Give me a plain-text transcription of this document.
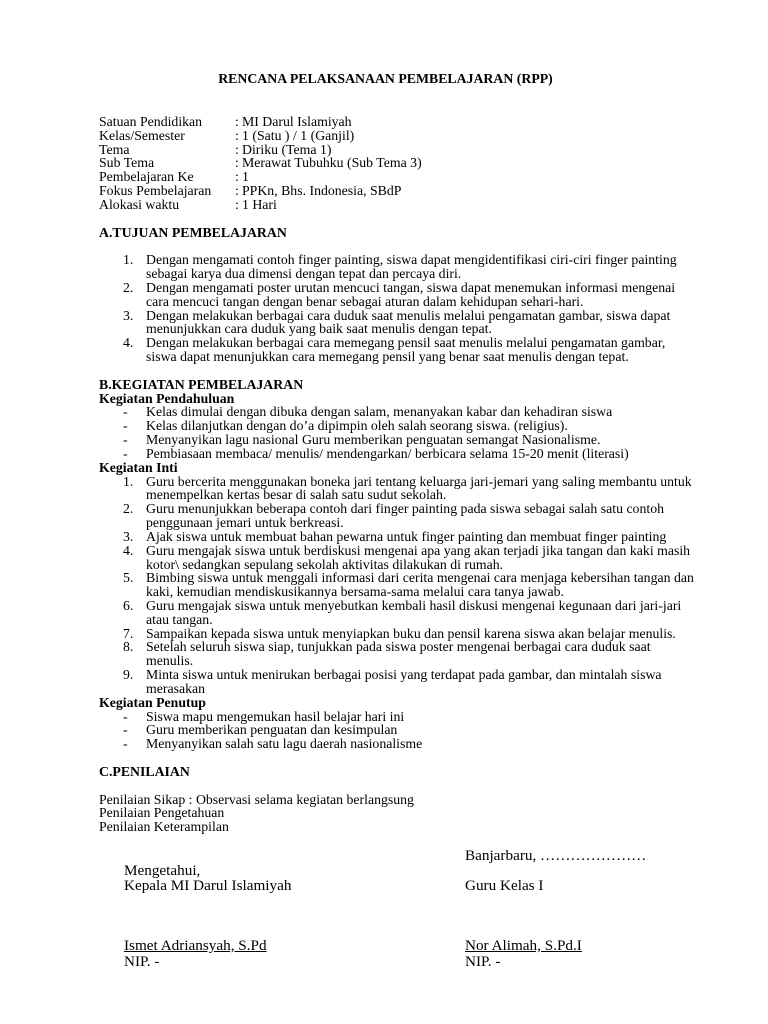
RENCANA PELAKSANAAN PEMBELAJARAN (RPP)
Satuan Pendidikan : MI Darul Islamiyah
Kelas/Semester	: 1 (Satu ) / 1 (Ganjil)
Tema	: Diriku (Tema 1)
Sub Tema	: Merawat Tubuhku (Sub Tema 3)
Pembelajaran Ke	: 1
Fokus Pembelajaran : PPKn, Bhs. Indonesia, SBdP
Alokasi waktu	: 1 Hari
A.TUJUAN PEMBELAJARAN
1. Dengan mengamati contoh finger painting, siswa dapat mengidentifikasi ciri-ciri finger painting
sebagai karya dua dimensi dengan tepat dan percaya diri.
2. Dengan mengamati poster urutan mencuci tangan, siswa dapat menemukan informasi mengenai
cara mencuci tangan dengan benar sebagai aturan dalam kehidupan sehari-hari.
3. Dengan melakukan berbagai cara duduk saat menulis melalui pengamatan gambar, siswa dapat
menunjukkan cara duduk yang baik saat menulis dengan tepat.
4. Dengan melakukan berbagai cara memegang pensil saat menulis melalui pengamatan gambar,
siswa dapat menunjukkan cara memegang pensil yang benar saat menulis dengan tepat.
B.KEGIATAN PEMBELAJARAN
Kegiatan Pendahuluan
- Kelas dimulai dengan dibuka dengan salam, menanyakan kabar dan kehadiran siswa
- Kelas dilanjutkan dengan do’a dipimpin oleh salah seorang siswa. (religius).
- Menyanyikan lagu nasional Guru memberikan penguatan semangat Nasionalisme.
- Pembiasaan membaca/ menulis/ mendengarkan/ berbicara selama 15-20 menit (literasi)
Kegiatan Inti
1. Guru bercerita menggunakan boneka jari tentang keluarga jari-jemari yang saling membantu untuk
menempelkan kertas besar di salah satu sudut sekolah.
2. Guru menunjukkan beberapa contoh dari finger painting pada siswa sebagai salah satu contoh
penggunaan jemari untuk berkreasi.
3. Ajak siswa untuk membuat bahan pewarna untuk finger painting dan membuat finger painting
4. Guru mengajak siswa untuk berdiskusi mengenai apa yang akan terjadi jika tangan dan kaki masih
kotor\ sedangkan sepulang sekolah aktivitas dilakukan di rumah.
5. Bimbing siswa untuk menggali informasi dari cerita mengenai cara menjaga kebersihan tangan dan
kaki, kemudian mendiskusikannya bersama-sama melalui cara tanya jawab.
6. Guru mengajak siswa untuk menyebutkan kembali hasil diskusi mengenai kegunaan dari jari-jari
atau tangan.
7. Sampaikan kepada siswa untuk menyiapkan buku dan pensil karena siswa akan belajar menulis.
8. Setelah seluruh siswa siap, tunjukkan pada siswa poster mengenai berbagai cara duduk saat
menulis.
9. Minta siswa untuk menirukan berbagai posisi yang terdapat pada gambar, dan mintalah siswa
merasakan
Kegiatan Penutup
- Siswa mapu mengemukan hasil belajar hari ini
- Guru memberikan penguatan dan kesimpulan
- Menyanyikan salah satu lagu daerah nasionalisme
C.PENILAIAN
Penilaian Sikap : Observasi selama kegiatan berlangsung
Penilaian Pengetahuan
Penilaian Keterampilan
Banjarbaru, …………………
Mengetahui,
Kepala MI Darul Islamiyah	Guru Kelas I
Ismet Adriansyah, S.Pd	Nor Alimah, S.Pd.I
NIP. -	NIP. -
